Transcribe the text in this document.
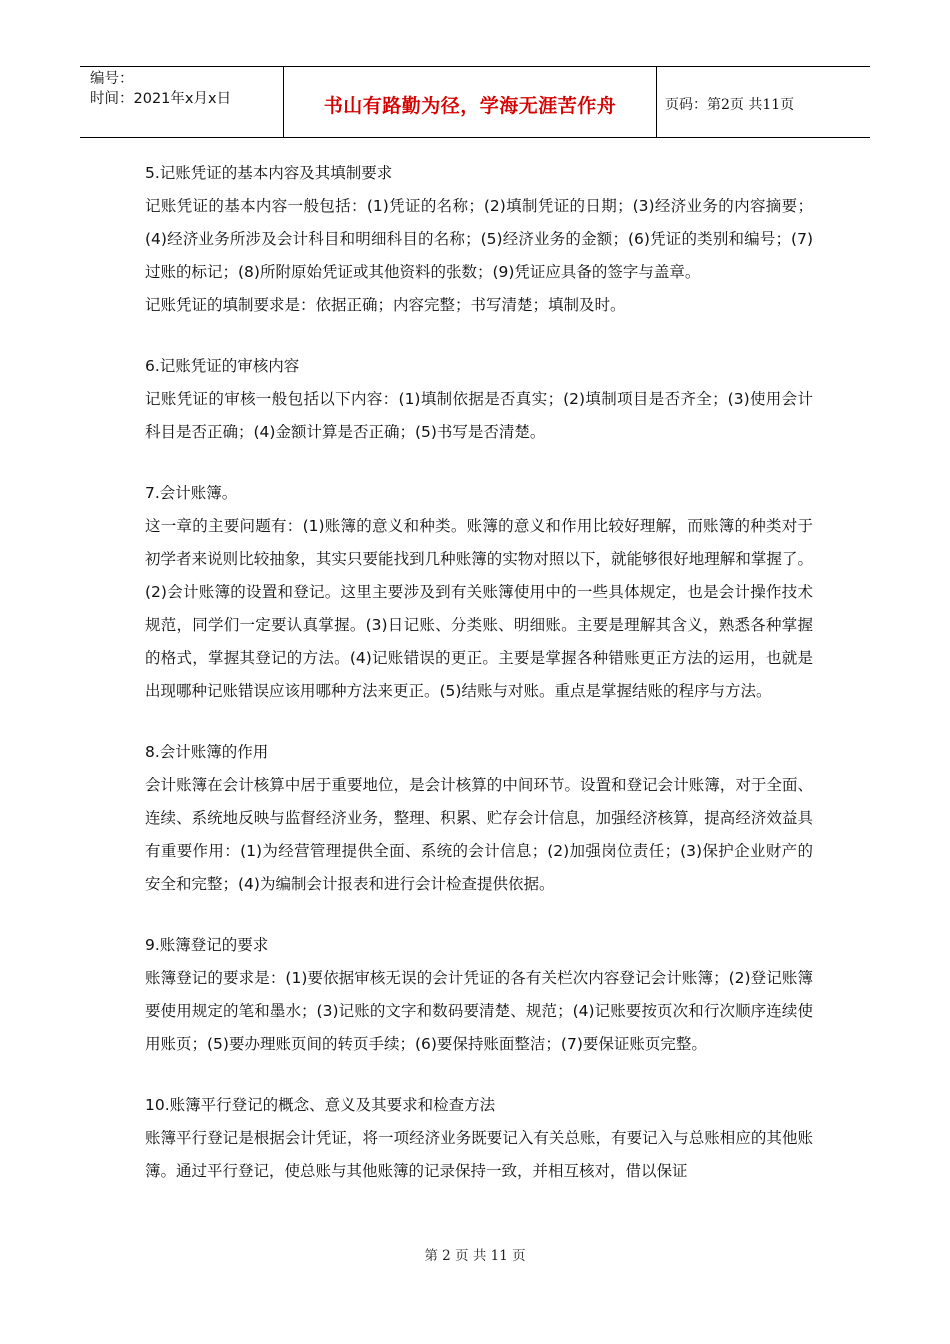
编号：
时间：2021年x月x日	书山有路勤为径，学海无涯苦作舟	页码：第2页 共11页

5.记账凭证的基本内容及其填制要求

记账凭证的基本内容一般包括：(1)凭证的名称；(2)填制凭证的日期；(3)经济业务的内容摘要；(4)经济业务所涉及会计科目和明细科目的名称；(5)经济业务的金额；(6)凭证的类别和编号；(7)过账的标记；(8)所附原始凭证或其他资料的张数；(9)凭证应具备的签字与盖章。

记账凭证的填制要求是：依据正确；内容完整；书写清楚；填制及时。

6.记账凭证的审核内容

记账凭证的审核一般包括以下内容：(1)填制依据是否真实；(2)填制项目是否齐全；(3)使用会计科目是否正确；(4)金额计算是否正确；(5)书写是否清楚。

7.会计账簿。

这一章的主要问题有：(1)账簿的意义和种类。账簿的意义和作用比较好理解，而账簿的种类对于初学者来说则比较抽象，其实只要能找到几种账簿的实物对照以下，就能够很好地理解和掌握了。(2)会计账簿的设置和登记。这里主要涉及到有关账簿使用中的一些具体规定，也是会计操作技术规范，同学们一定要认真掌握。(3)日记账、分类账、明细账。主要是理解其含义，熟悉各种掌握的格式，掌握其登记的方法。(4)记账错误的更正。主要是掌握各种错账更正方法的运用，也就是出现哪种记账错误应该用哪种方法来更正。(5)结账与对账。重点是掌握结账的程序与方法。

8.会计账簿的作用

会计账簿在会计核算中居于重要地位，是会计核算的中间环节。设置和登记会计账簿，对于全面、连续、系统地反映与监督经济业务，整理、积累、贮存会计信息，加强经济核算，提高经济效益具有重要作用：(1)为经营管理提供全面、系统的会计信息；(2)加强岗位责任；(3)保护企业财产的安全和完整；(4)为编制会计报表和进行会计检查提供依据。

9.账簿登记的要求

账簿登记的要求是：(1)要依据审核无误的会计凭证的各有关栏次内容登记会计账簿；(2)登记账簿要使用规定的笔和墨水；(3)记账的文字和数码要清楚、规范；(4)记账要按页次和行次顺序连续使用账页；(5)要办理账页间的转页手续；(6)要保持账面整洁；(7)要保证账页完整。

10.账簿平行登记的概念、意义及其要求和检查方法

账簿平行登记是根据会计凭证，将一项经济业务既要记入有关总账，有要记入与总账相应的其他账簿。通过平行登记，使总账与其他账簿的记录保持一致，并相互核对，借以保证

第 2 页 共 11 页
